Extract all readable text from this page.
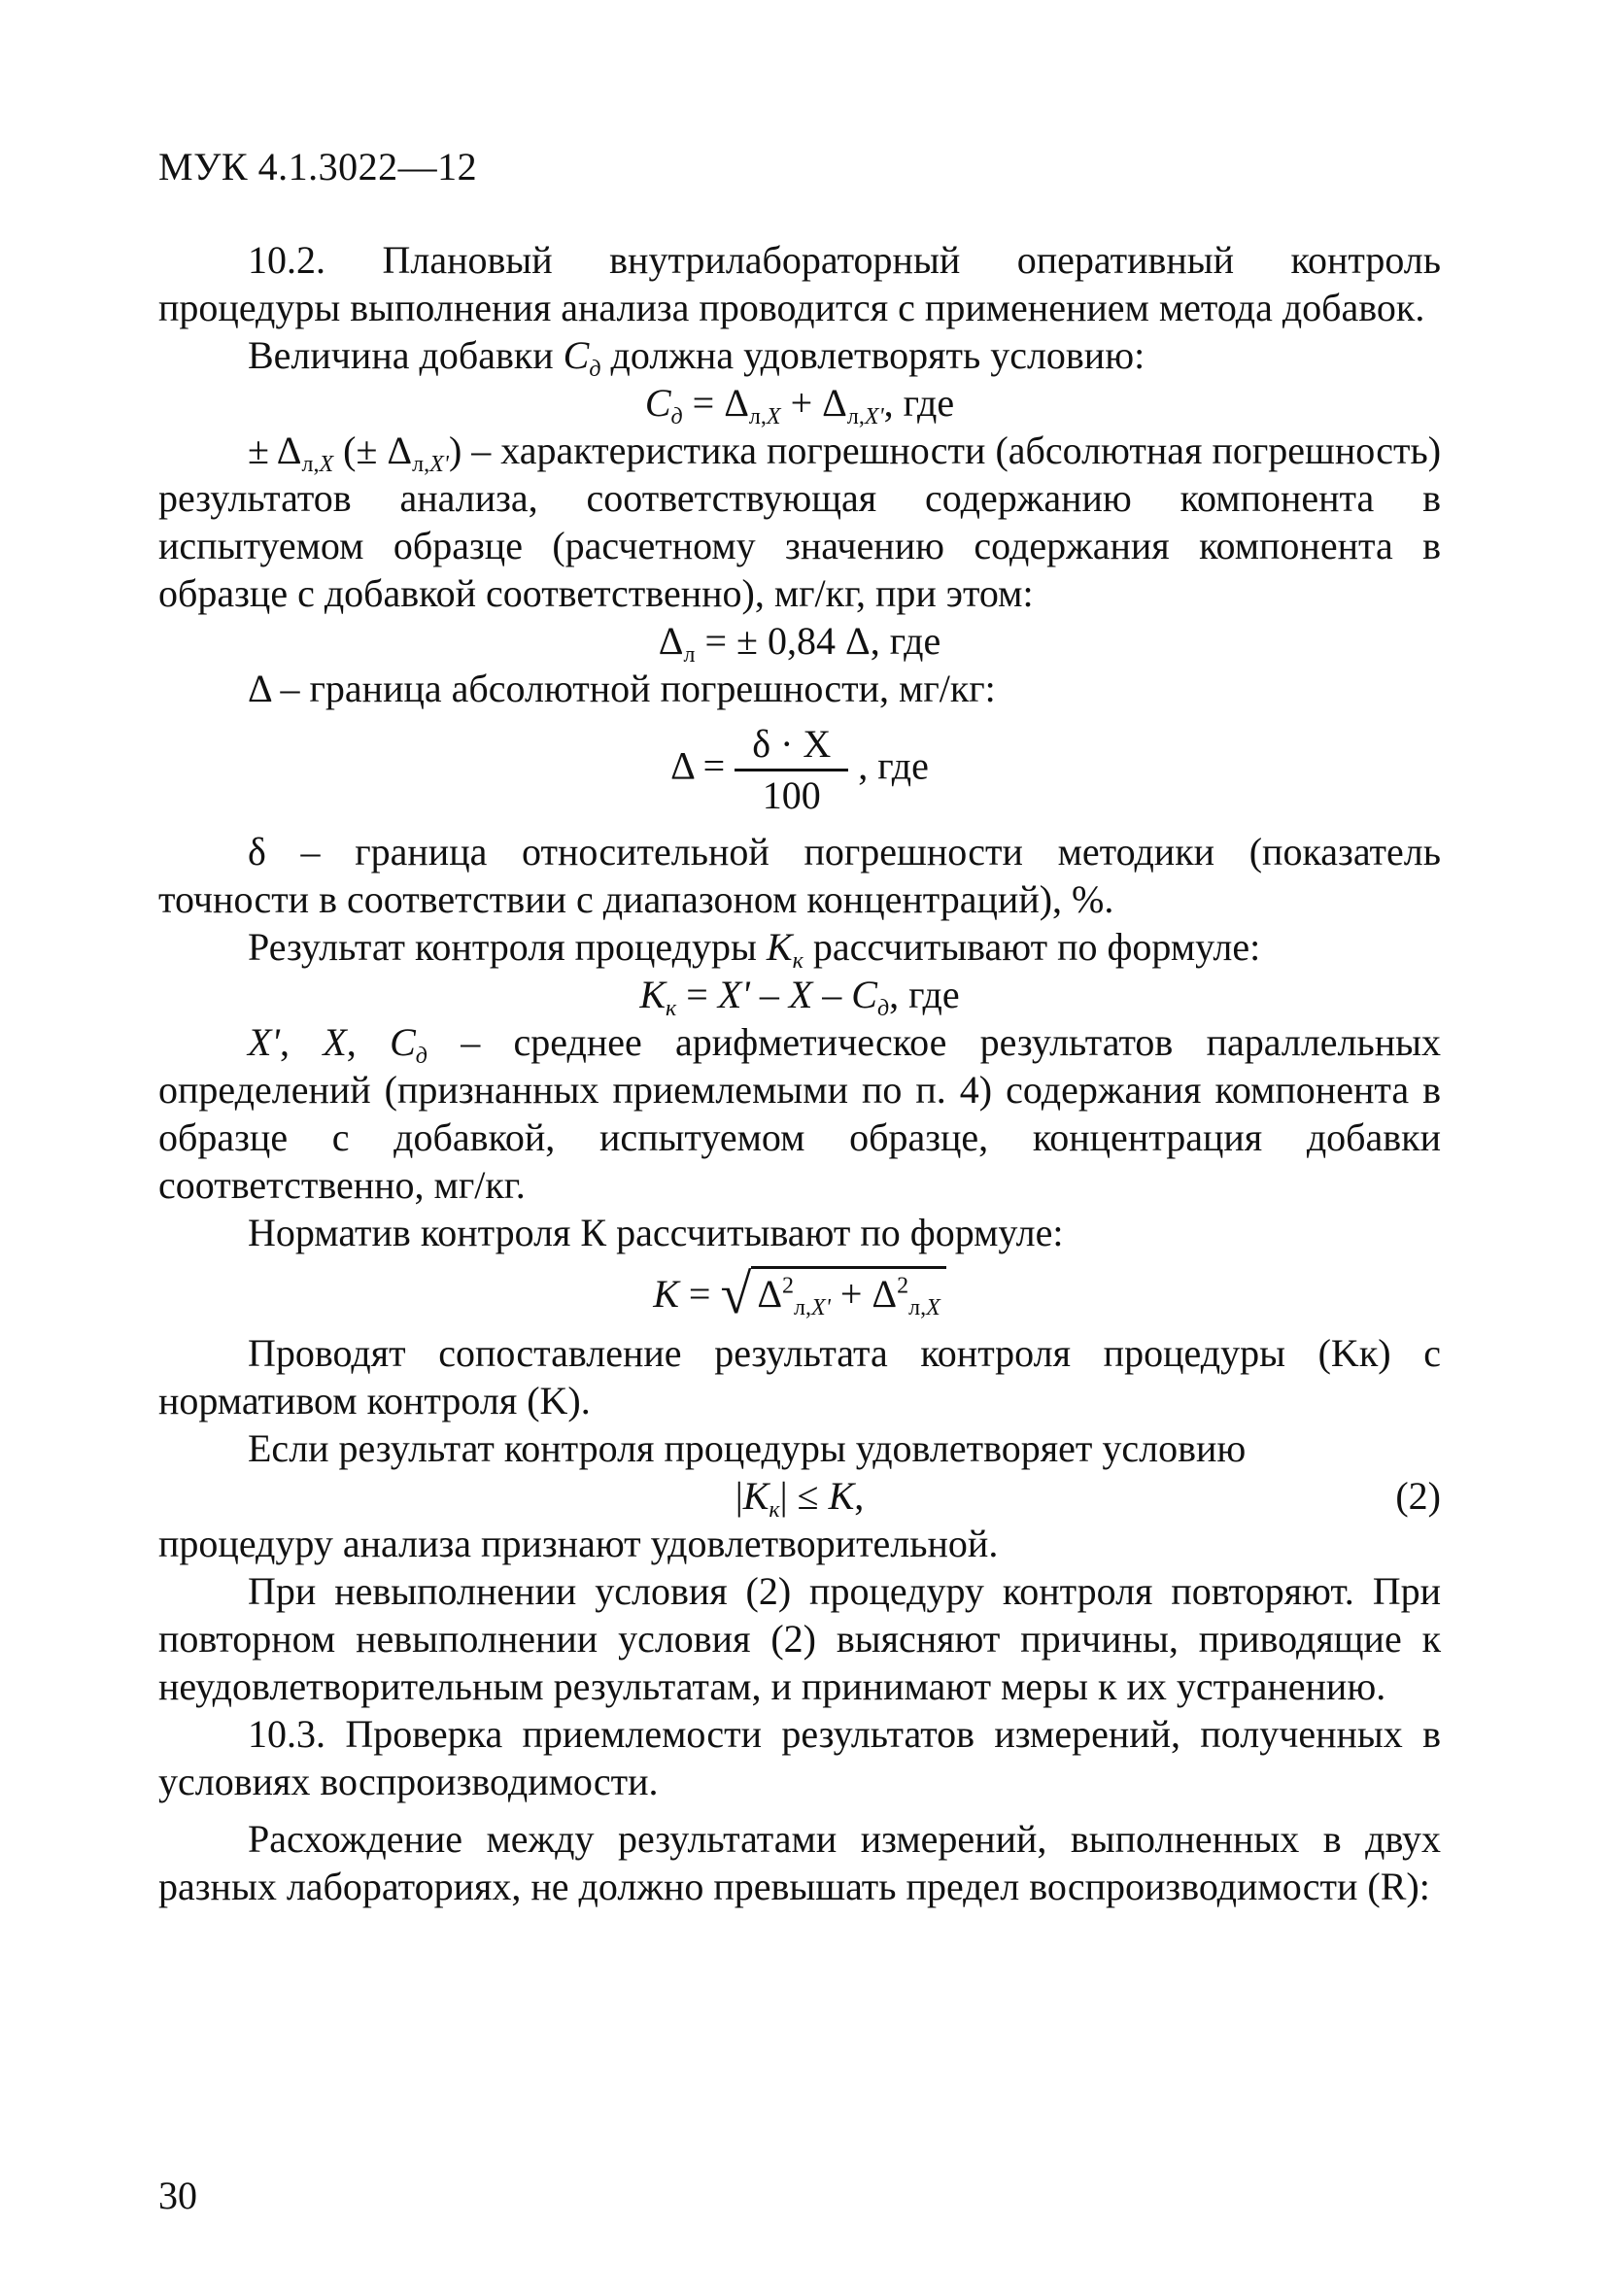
МУК 4.1.3022—12

10.2. Плановый внутрилабораторный оперативный контроль процедуры выполнения анализа проводится с применением метода добавок.

Величина добавки $C_д$ должна удовлетворять условию:

$C_д = \Delta_{л,X} + \Delta_{л,X'}$, где

± $\Delta_{л,X}$ (± $\Delta_{л,X'}$) – характеристика погрешности (абсолютная погрешность) результатов анализа, соответствующая содержанию компонента в испытуемом образце (расчетному значению содержания компонента в образце с добавкой соответственно), мг/кг, при этом:

$\Delta_л$ = ± 0,84 Δ, где

Δ – граница абсолютной погрешности, мг/кг:

$\Delta = \frac{\delta \cdot X}{100}$ , где

δ – граница относительной погрешности методики (показатель точности в соответствии с диапазоном концентраций), %.

Результат контроля процедуры $K_к$ рассчитывают по формуле:

$K_к = X' - X - C_д$, где

X', X, $C_д$ – среднее арифметическое результатов параллельных определений (признанных приемлемыми по п. 4) содержания компонента в образце с добавкой, испытуемом образце, концентрация добавки соответственно, мг/кг.

Норматив контроля К рассчитывают по формуле:

K = √ $\Delta^2_{л,X'} + \Delta^2_{л,X}$

Проводят сопоставление результата контроля процедуры (Kк) с нормативом контроля (K).

Если результат контроля процедуры удовлетворяет условию

$|K_к| \le K$,	(2)

процедуру анализа признают удовлетворительной.

При невыполнении условия (2) процедуру контроля повторяют. При повторном невыполнении условия (2) выясняют причины, приводящие к неудовлетворительным результатам, и принимают меры к их устранению.

10.3. Проверка приемлемости результатов измерений, полученных в условиях воспроизводимости.

Расхождение между результатами измерений, выполненных в двух разных лабораториях, не должно превышать предел воспроизводимости (R):

30
